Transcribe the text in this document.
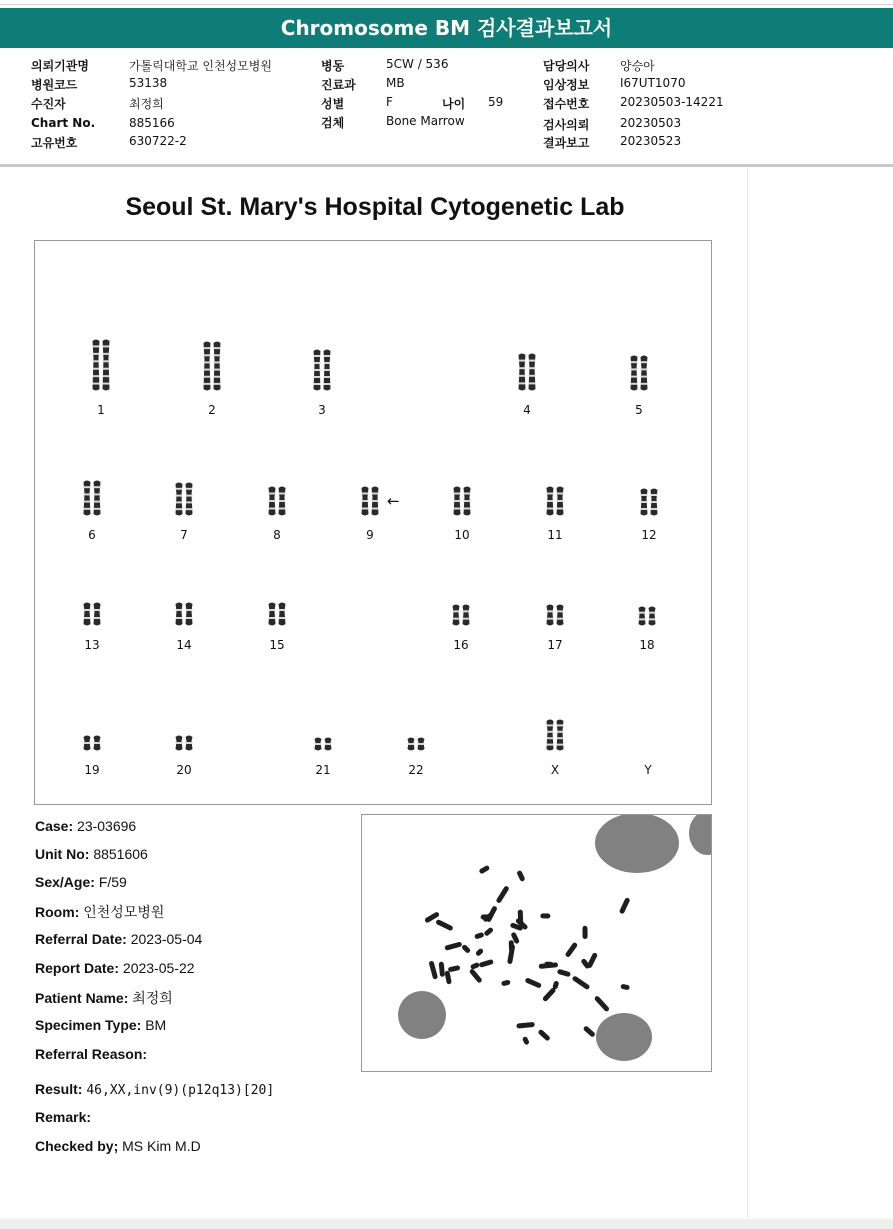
Chromosome BM 검사결과보고서
의뢰기관명	가톨릭대학교 인천성모병원
병원코드	53138
수진자	최정희
Chart No.	885166
고유번호	630722-2
병동	5CW / 536
진료과	MB
성별	F	나이 59
검체	Bone Marrow
담당의사	양승아
임상정보	I67UT1070
접수번호	20230503-14221
검사의뢰	20230503
결과보고	20230523
Seoul St. Mary's Hospital Cytogenetic Lab
1	2	3	4	5
6	7	8	9	10	11	12
13	14	15	16	17	18
19	20	21	22	X	Y
←
Case: 23-03696
Unit No: 8851606
Sex/Age: F/59
Room: 인천성모병원
Referral Date: 2023-05-04
Report Date: 2023-05-22
Patient Name: 최정희
Specimen Type: BM
Referral Reason:
Result: 46,XX,inv(9)(p12q13)[20]
Remark:
Checked by; MS Kim M.D
